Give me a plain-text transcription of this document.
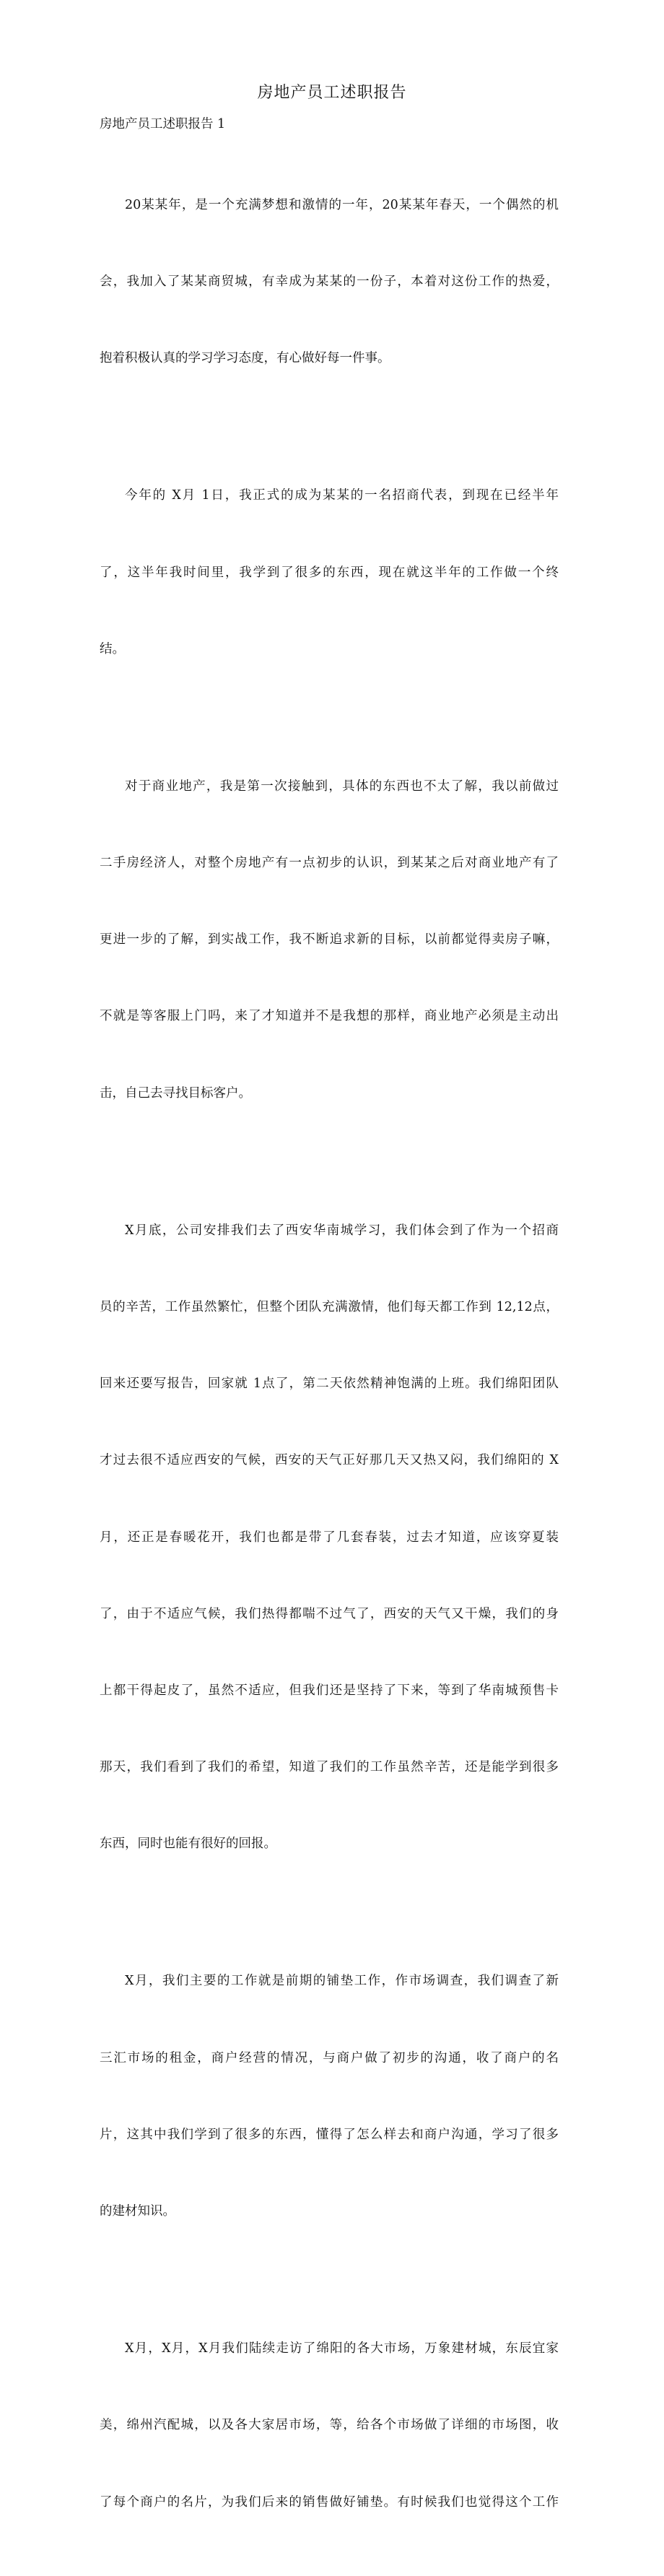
房地产员工述职报告

房地产员工述职报告 1

20某某年，是一个充满梦想和激情的一年，20某某年春天，一个偶然的机

会，我加入了某某商贸城，有幸成为某某的一份子，本着对这份工作的热爱，

抱着积极认真的学习学习态度，有心做好每一件事。

今年的 X月 1日，我正式的成为某某的一名招商代表，到现在已经半年

了，这半年我时间里，我学到了很多的东西，现在就这半年的工作做一个终

结。

对于商业地产，我是第一次接触到，具体的东西也不太了解，我以前做过

二手房经济人，对整个房地产有一点初步的认识，到某某之后对商业地产有了

更进一步的了解，到实战工作，我不断追求新的目标，以前都觉得卖房子嘛，

不就是等客服上门吗，来了才知道并不是我想的那样，商业地产必须是主动出

击，自己去寻找目标客户。

X月底，公司安排我们去了西安华南城学习，我们体会到了作为一个招商

员的辛苦，工作虽然繁忙，但整个团队充满激情，他们每天都工作到 12,12点，

回来还要写报告，回家就 1点了，第二天依然精神饱满的上班。我们绵阳团队

才过去很不适应西安的气候，西安的天气正好那几天又热又闷，我们绵阳的 X

月，还正是春暖花开，我们也都是带了几套春装，过去才知道，应该穿夏装

了，由于不适应气候，我们热得都喘不过气了，西安的天气又干燥，我们的身

上都干得起皮了，虽然不适应，但我们还是坚持了下来，等到了华南城预售卡

那天，我们看到了我们的希望，知道了我们的工作虽然辛苦，还是能学到很多

东西，同时也能有很好的回报。

X月，我们主要的工作就是前期的铺垫工作，作市场调查，我们调查了新

三汇市场的租金，商户经营的情况，与商户做了初步的沟通，收了商户的名

片，这其中我们学到了很多的东西，懂得了怎么样去和商户沟通，学习了很多

的建材知识。

X月，X月，X月我们陆续走访了绵阳的各大市场，万象建材城，东辰宜家

美，绵州汽配城，以及各大家居市场，等，给各个市场做了详细的市场图，收

了每个商户的名片，为我们后来的销售做好铺垫。有时候我们也觉得这个工作
